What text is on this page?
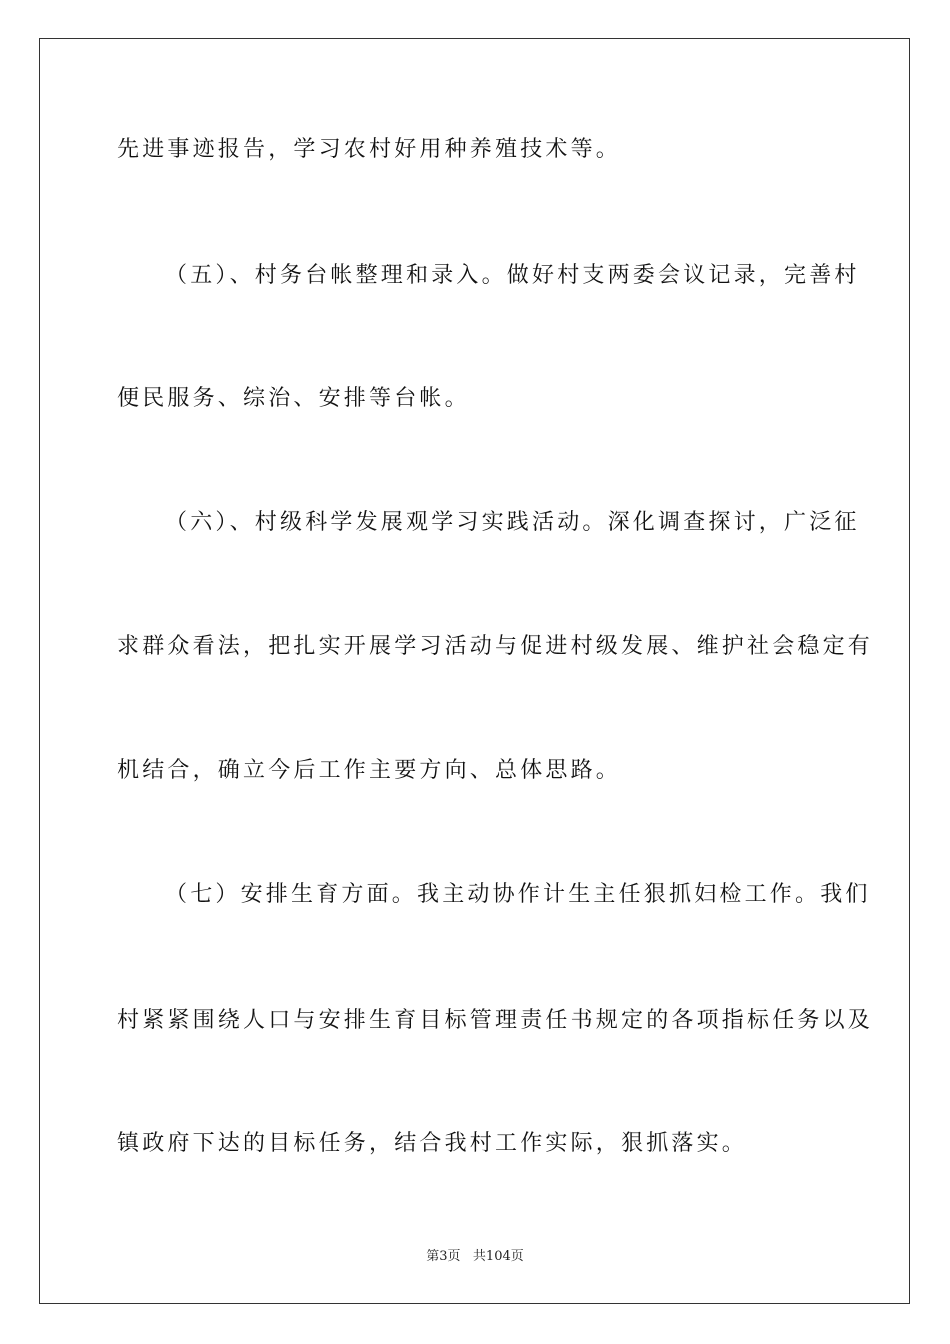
先进事迹报告，学习农村好用种养殖技术等。
（五）、村务台帐整理和录入。做好村支两委会议记录，完善村
便民服务、综治、安排等台帐。
（六）、村级科学发展观学习实践活动。深化调查探讨，广泛征
求群众看法，把扎实开展学习活动与促进村级发展、维护社会稳定有
机结合，确立今后工作主要方向、总体思路。
（七）安排生育方面。我主动协作计生主任狠抓妇检工作。我们
村紧紧围绕人口与安排生育目标管理责任书规定的各项指标任务以及
镇政府下达的目标任务，结合我村工作实际，狠抓落实。
第3页   共104页
